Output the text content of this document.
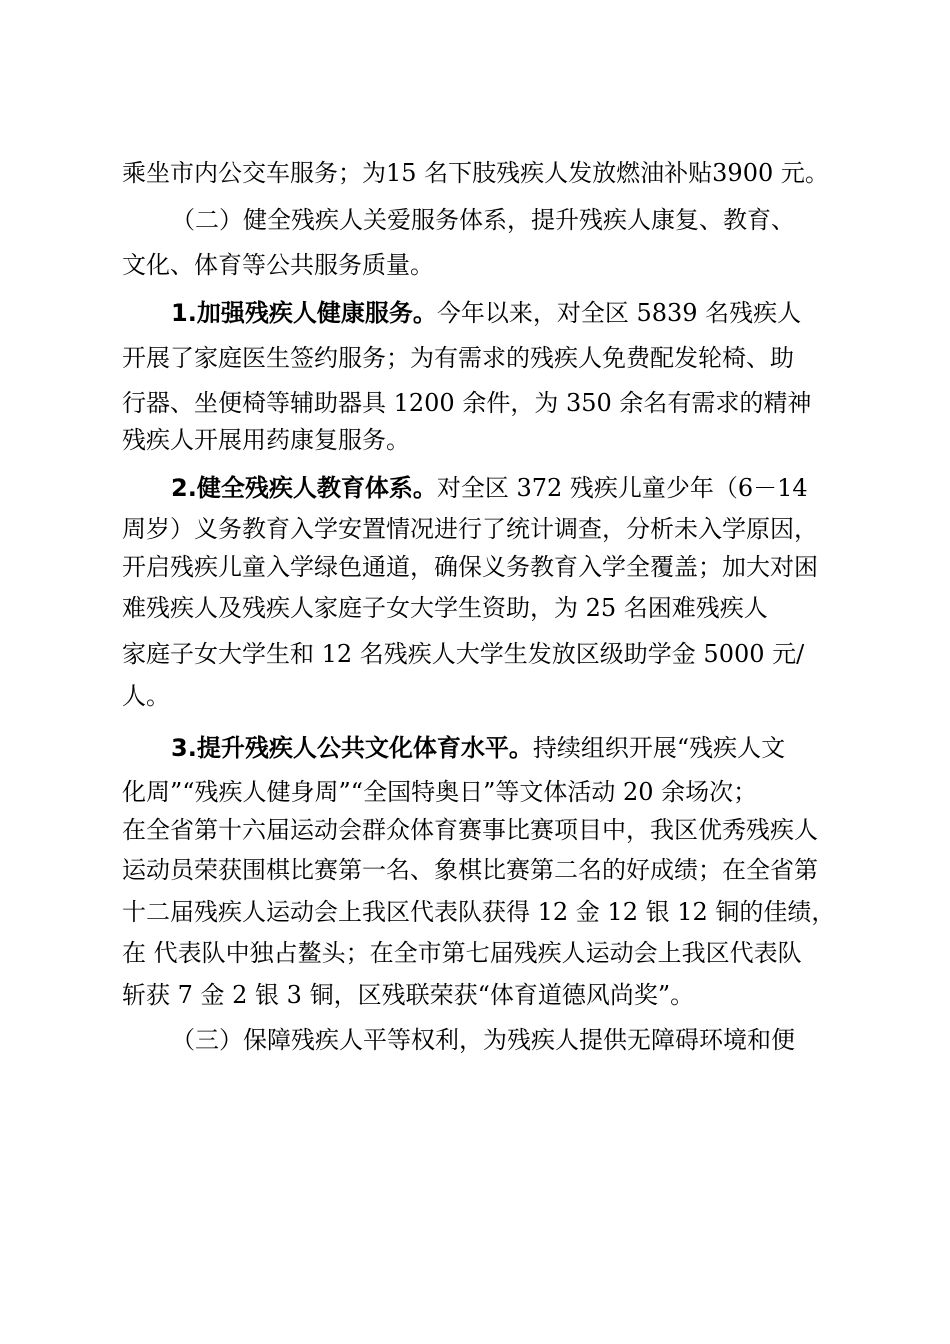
乘坐市内公交车服务；为15 名下肢残疾人发放燃油补贴3900 元。
（二）健全残疾人关爱服务体系，提升残疾人康复、教育、
文化、体育等公共服务质量。
1.加强残疾人健康服务。今年以来，对全区 5839 名残疾人
开展了家庭医生签约服务；为有需求的残疾人免费配发轮椅、助
行器、坐便椅等辅助器具 1200 余件，为 350 余名有需求的精神
残疾人开展用药康复服务。
2.健全残疾人教育体系。对全区 372 残疾儿童少年（6－14
周岁）义务教育入学安置情况进行了统计调查，分析未入学原因，
开启残疾儿童入学绿色通道，确保义务教育入学全覆盖；加大对困
难残疾人及残疾人家庭子女大学生资助，为 25 名困难残疾人
家庭子女大学生和 12 名残疾人大学生发放区级助学金 5000 元/
人。
3.提升残疾人公共文化体育水平。持续组织开展“残疾人文
化周”“残疾人健身周”“全国特奥日”等文体活动 20 余场次；
在全省第十六届运动会群众体育赛事比赛项目中，我区优秀残疾人
运动员荣获围棋比赛第一名、象棋比赛第二名的好成绩；在全省第
十二届残疾人运动会上我区代表队获得 12 金 12 银 12 铜的佳绩，
在 代表队中独占鳌头；在全市第七届残疾人运动会上我区代表队
斩获 7 金 2 银 3 铜，区残联荣获“体育道德风尚奖”。
（三）保障残疾人平等权利，为残疾人提供无障碍环境和便
